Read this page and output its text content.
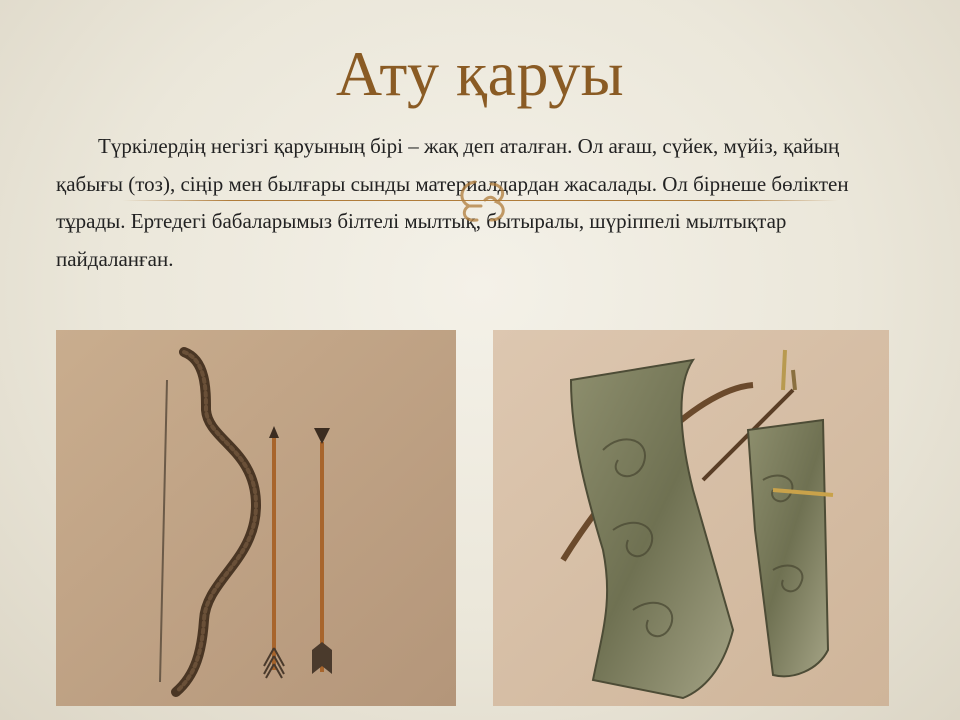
Ату қаруы

Түркілердің негізгі қаруының бірі – жақ деп аталған. Ол ағаш, сүйек, мүйіз, қайың қабығы (тоз), сіңір мен былғары сынды материалдардан жасалады. Ол бірнеше бөліктен тұрады. Ертедегі бабаларымыз білтелі мылтық, бытыралы, шүріппелі мылтықтар пайдаланған.
